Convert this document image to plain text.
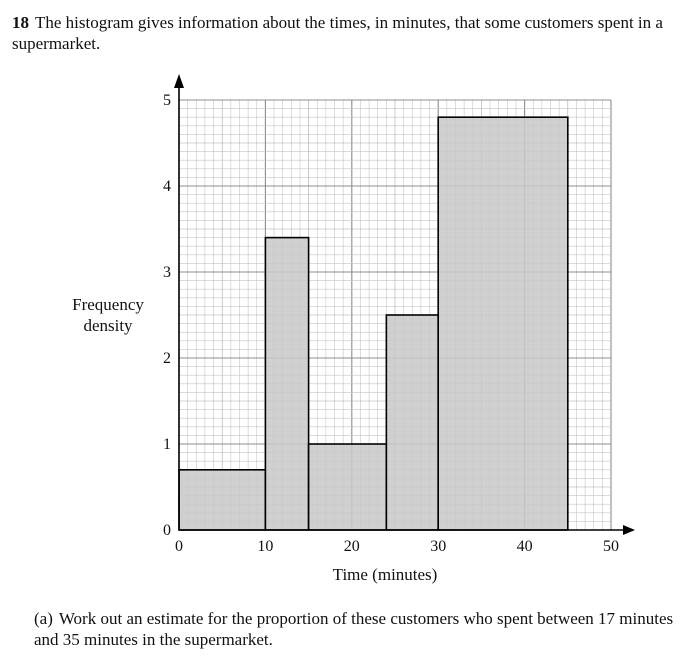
18 The histogram gives information about the times, in minutes, that some customers spent in a supermarket.
0	10	20	30	40	50
0
1
2
3
4
5
Time (minutes)
Frequency
density
(a) Work out an estimate for the proportion of these customers who spent between 17 minutes and 35 minutes in the supermarket.
